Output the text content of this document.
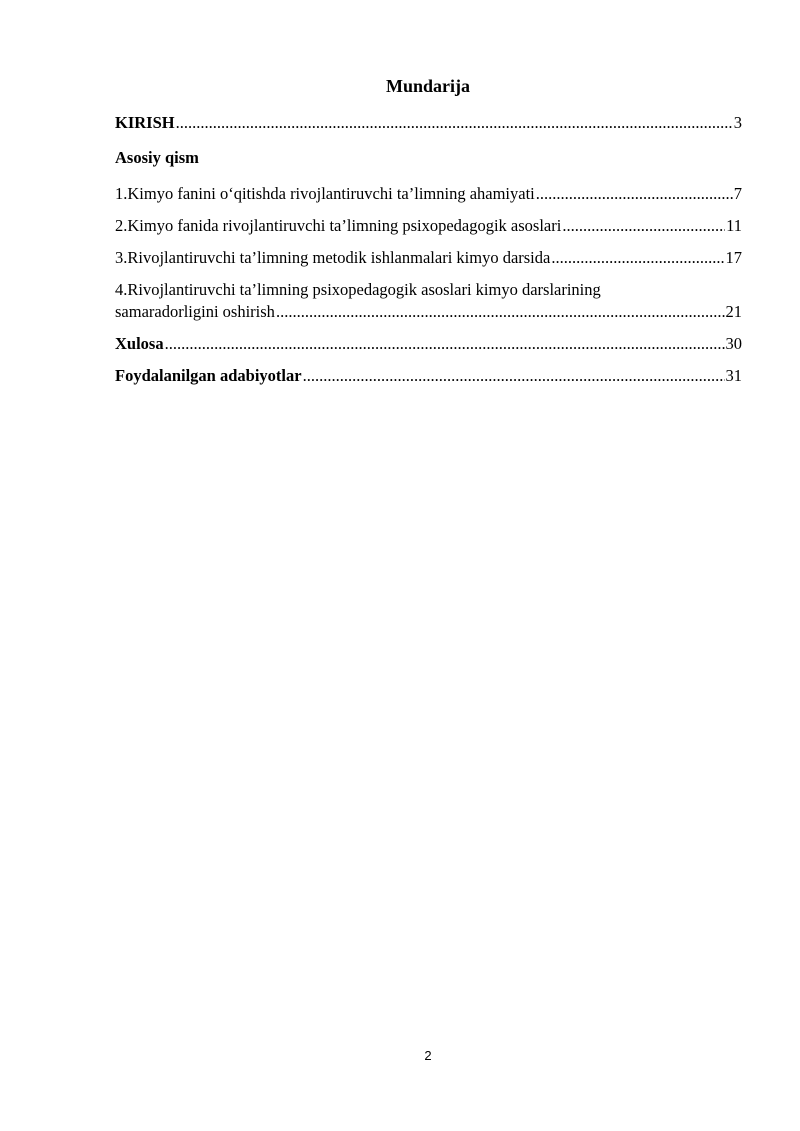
Mundarija
KIRISH .....	3
Asosiy qism
1.Kimyo fanini o‘qitishda rivojlantiruvchi ta’limning ahamiyati .....	7
2.Kimyo fanida rivojlantiruvchi ta’limning psixopedagogik asoslari .....	11
3.Rivojlantiruvchi ta’limning metodik ishlanmalari kimyo darsida .....	17
4.Rivojlantiruvchi ta’limning psixopedagogik asoslari kimyo darslarining
samaradorligini oshirish .....	21
Xulosa .....	30
Foydalanilgan adabiyotlar .....	31
2
